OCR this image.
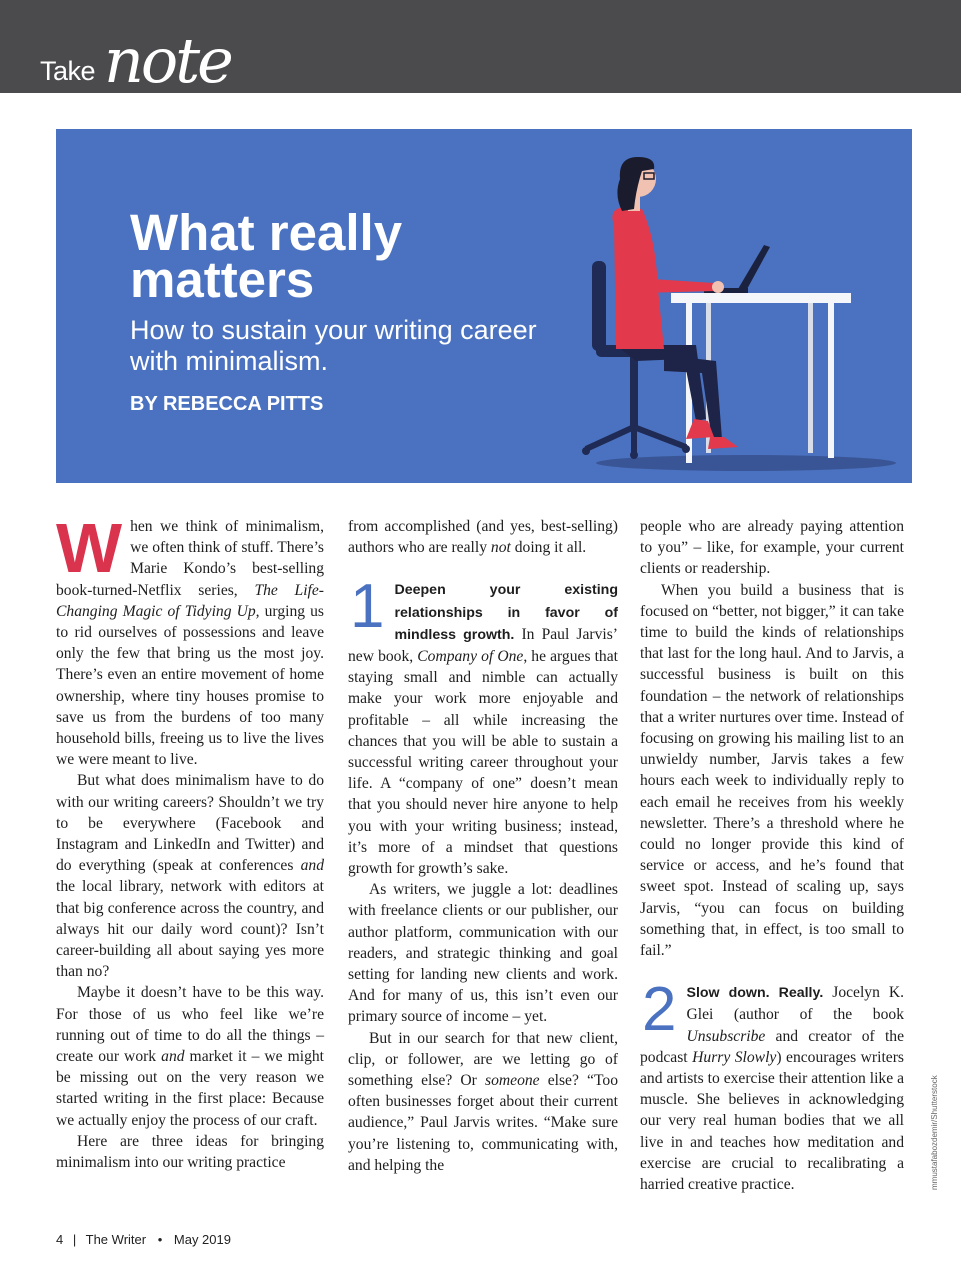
Take note
What really matters
How to sustain your writing career with minimalism.
BY REBECCA PITTS
W hen we think of minimalism, we often think of stuff. There’s Marie Kondo’s best-selling book-turned-Netflix series, The Life-Changing Magic of Tidying Up, urging us to rid ourselves of possessions and leave only the few that bring us the most joy. There’s even an entire movement of home ownership, where tiny houses promise to save us from the burdens of too many household bills, freeing us to live the lives we were meant to live.

But what does minimalism have to do with our writing careers? Shouldn’t we try to be everywhere (Facebook and Instagram and LinkedIn and Twitter) and do everything (speak at conferences and the local library, network with editors at that big conference across the country, and always hit our daily word count)? Isn’t career-building all about saying yes more than no?

Maybe it doesn’t have to be this way. For those of us who feel like we’re running out of time to do all the things – create our work and market it – we might be missing out on the very reason we started writing in the first place: Because we actually enjoy the process of our craft.

Here are three ideas for bringing minimalism into our writing practice

from accomplished (and yes, best-selling) authors who are really not doing it all.

1 Deepen your existing relationships in favor of mindless growth. In Paul Jarvis’ new book, Company of One, he argues that staying small and nimble can actually make your work more enjoyable and profitable – all while increasing the chances that you will be able to sustain a successful writing career throughout your life. A “company of one” doesn’t mean that you should never hire anyone to help you with your writing business; instead, it’s more of a mindset that questions growth for growth’s sake.

As writers, we juggle a lot: deadlines with freelance clients or our publisher, our author platform, communication with our readers, and strategic thinking and goal setting for landing new clients and work. And for many of us, this isn’t even our primary source of income – yet.

But in our search for that new client, clip, or follower, are we letting go of something else? Or someone else? “Too often businesses forget about their current audience,” Paul Jarvis writes. “Make sure you’re listening to, communicating with, and helping the

people who are already paying attention to you” – like, for example, your current clients or readership.

When you build a business that is focused on “better, not bigger,” it can take time to build the kinds of relationships that last for the long haul. And to Jarvis, a successful business is built on this foundation – the network of relationships that a writer nurtures over time. Instead of focusing on growing his mailing list to an unwieldy number, Jarvis takes a few hours each week to individually reply to each email he receives from his weekly newsletter. There’s a threshold where he could no longer provide this kind of service or access, and he’s found that sweet spot. Instead of scaling up, says Jarvis, “you can focus on building something that, in effect, is too small to fail.”

2 Slow down. Really. Jocelyn K. Glei (author of the book Unsubscribe and creator of the podcast Hurry Slowly) encourages writers and artists to exercise their attention like a muscle. She believes in acknowledging our very real human bodies that we all live in and teaches how meditation and exercise are crucial to recalibrating a harried creative practice.	mmustafabozdemir/Shutterstock
4 | The Writer • May 2019
